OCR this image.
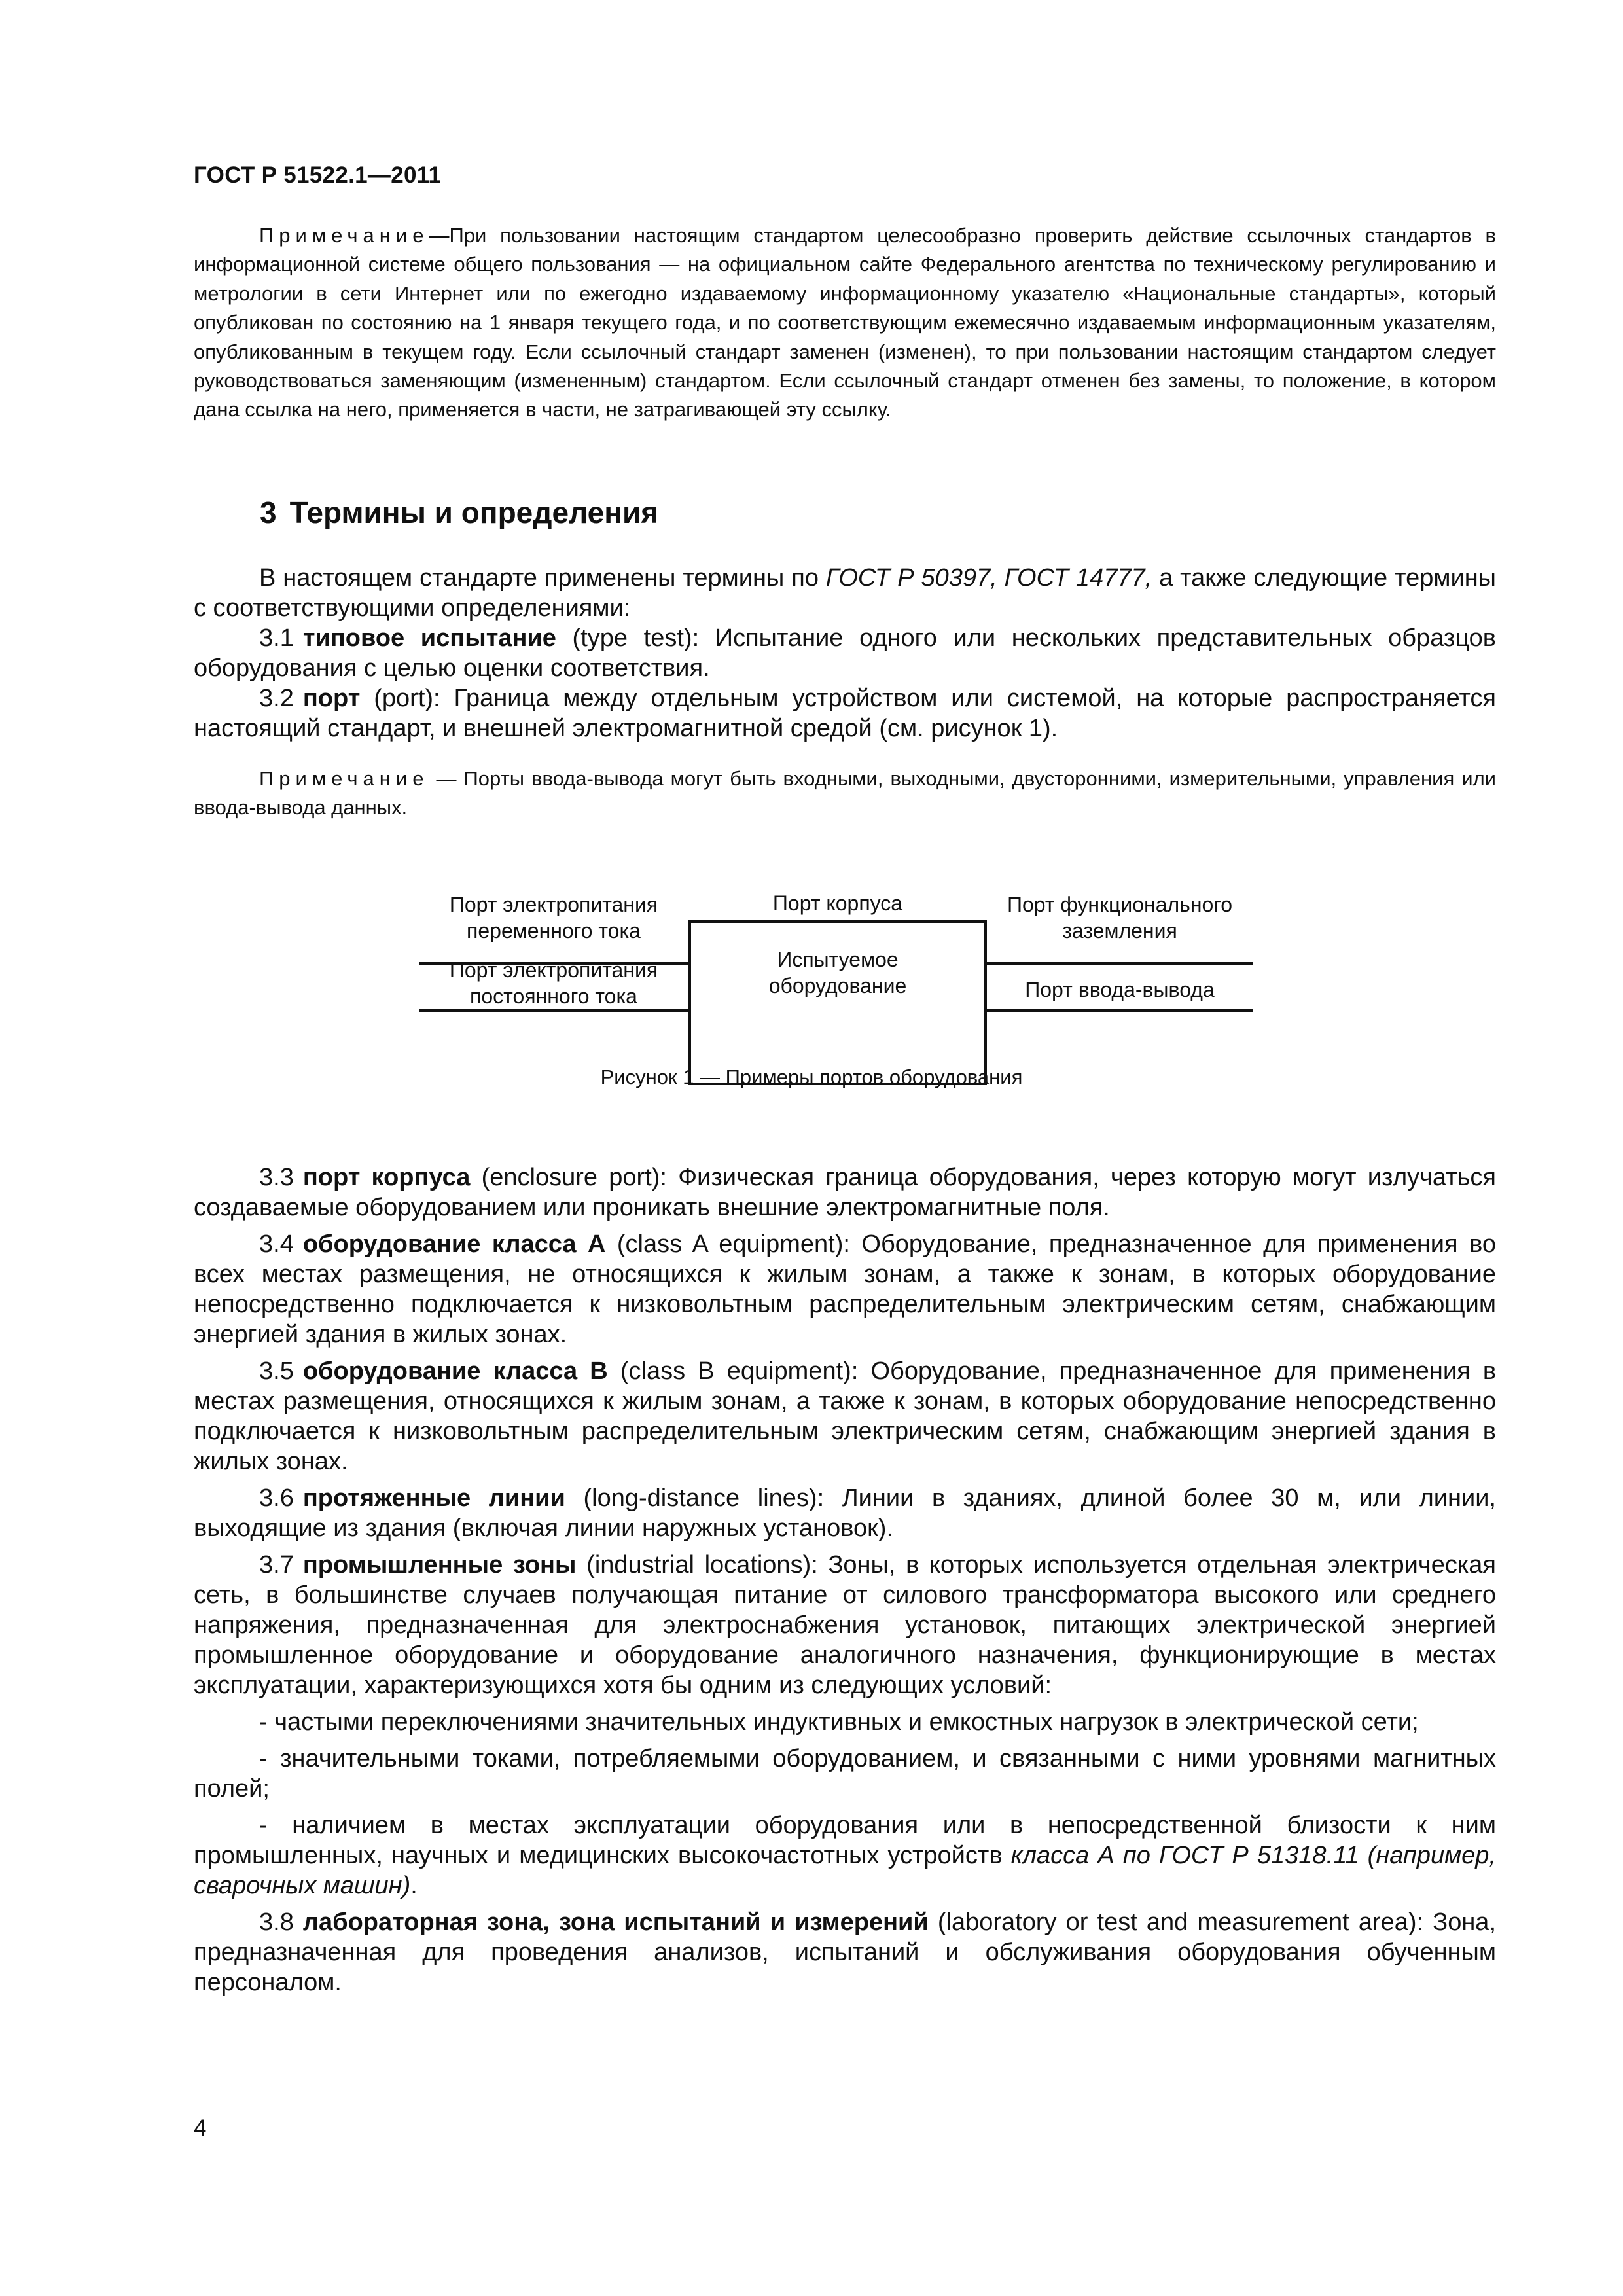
ГОСТ Р 51522.1—2011

Примечание—При пользовании настоящим стандартом целесообразно проверить действие ссылочных стандартов в информационной системе общего пользования — на официальном сайте Федерального агентства по техническому регулированию и метрологии в сети Интернет или по ежегодно издаваемому информационному указателю «Национальные стандарты», который опубликован по состоянию на 1 января текущего года, и по соответствующим ежемесячно издаваемым информационным указателям, опубликованным в текущем году. Если ссылочный стандарт заменен (изменен), то при пользовании настоящим стандартом следует руководствоваться заменяющим (измененным) стандартом. Если ссылочный стандарт отменен без замены, то положение, в котором дана ссылка на него, применяется в части, не затрагивающей эту ссылку.

3 Термины и определения

В настоящем стандарте применены термины по ГОСТ Р 50397, ГОСТ 14777, а также следующие термины с соответствующими определениями:

3.1 типовое испытание (type test): Испытание одного или нескольких представительных образцов оборудования с целью оценки соответствия.

3.2 порт (port): Граница между отдельным устройством или системой, на которые распространяется настоящий стандарт, и внешней электромагнитной средой (см. рисунок 1).

Примечание — Порты ввода-вывода могут быть входными, выходными, двусторонними, измерительными, управления или ввода-вывода данных.

Порт электропитания переменного тока
Порт электропитания постоянного тока
Порт корпуса
Испытуемое оборудование
Порт функционального заземления
Порт ввода-вывода
Рисунок 1 — Примеры портов оборудования

3.3 порт корпуса (enclosure port): Физическая граница оборудования, через которую могут излучаться создаваемые оборудованием или проникать внешние электромагнитные поля.

3.4 оборудование класса А (class A equipment): Оборудование, предназначенное для применения во всех местах размещения, не относящихся к жилым зонам, а также к зонам, в которых оборудование непосредственно подключается к низковольтным распределительным электрическим сетям, снабжающим энергией здания в жилых зонах.

3.5 оборудование класса В (class B equipment): Оборудование, предназначенное для применения в местах размещения, относящихся к жилым зонам, а также к зонам, в которых оборудование непосредственно подключается к низковольтным распределительным электрическим сетям, снабжающим энергией здания в жилых зонах.

3.6 протяженные линии (long-distance lines): Линии в зданиях, длиной более 30 м, или линии, выходящие из здания (включая линии наружных установок).

3.7 промышленные зоны (industrial locations): Зоны, в которых используется отдельная электрическая сеть, в большинстве случаев получающая питание от силового трансформатора высокого или среднего напряжения, предназначенная для электроснабжения установок, питающих электрической энергией промышленное оборудование и оборудование аналогичного назначения, функционирующие в местах эксплуатации, характеризующихся хотя бы одним из следующих условий:

- частыми переключениями значительных индуктивных и емкостных нагрузок в электрической сети;

- значительными токами, потребляемыми оборудованием, и связанными с ними уровнями магнитных полей;

- наличием в местах эксплуатации оборудования или в непосредственной близости к ним промышленных, научных и медицинских высокочастотных устройств класса А по ГОСТ Р 51318.11 (например, сварочных машин).

3.8 лабораторная зона, зона испытаний и измерений (laboratory or test and measurement area): Зона, предназначенная для проведения анализов, испытаний и обслуживания оборудования обученным персоналом.

4
